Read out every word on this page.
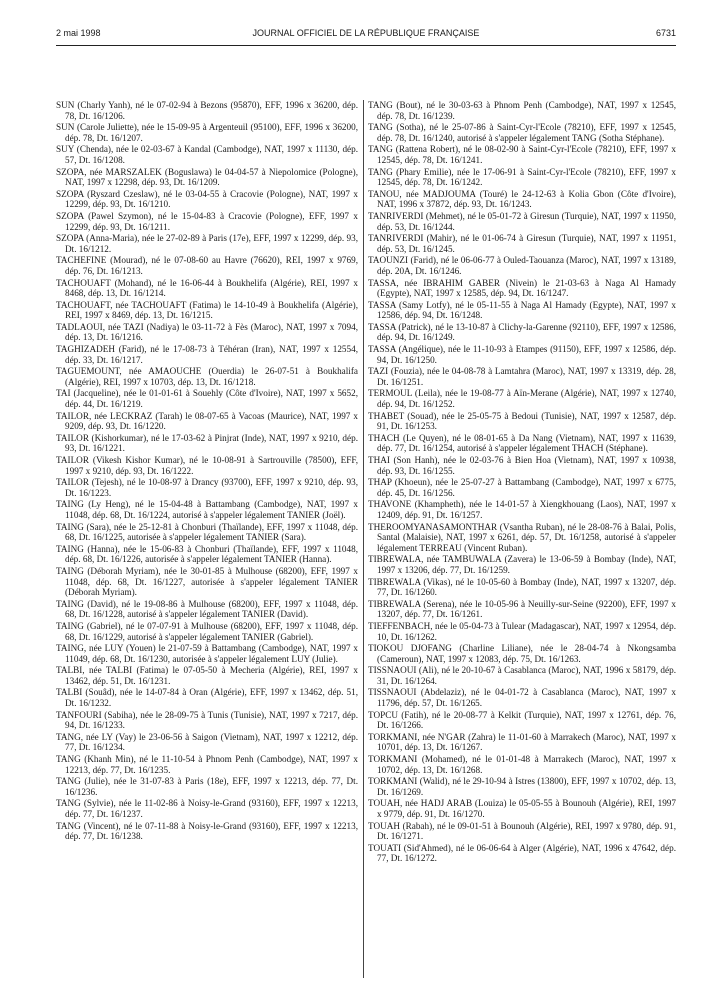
2 mai 1998	JOURNAL OFFICIEL DE LA RÉPUBLIQUE FRANÇAISE	6731

SUN (Charly Yanh), né le 07-02-94 à Bezons (95870), EFF, 1996 x 36200, dép. 78, Dt. 16/1206.

SUN (Carole Juliette), née le 15-09-95 à Argenteuil (95100), EFF, 1996 x 36200, dép. 78, Dt. 16/1207.

SUY (Chenda), née le 02-03-67 à Kandal (Cambodge), NAT, 1997 x 11130, dép. 57, Dt. 16/1208.

SZOPA, née MARSZALEK (Boguslawa) le 04-04-57 à Niepolomice (Pologne), NAT, 1997 x 12298, dép. 93, Dt. 16/1209.

SZOPA (Ryszard Czeslaw), né le 03-04-55 à Cracovie (Pologne), NAT, 1997 x 12299, dép. 93, Dt. 16/1210.

SZOPA (Pawel Szymon), né le 15-04-83 à Cracovie (Pologne), EFF, 1997 x 12299, dép. 93, Dt. 16/1211.

SZOPA (Anna-Maria), née le 27-02-89 à Paris (17e), EFF, 1997 x 12299, dép. 93, Dt. 16/1212.

TACHEFINE (Mourad), né le 07-08-60 au Havre (76620), REI, 1997 x 9769, dép. 76, Dt. 16/1213.

TACHOUAFT (Mohand), né le 16-06-44 à Boukhelifa (Algérie), REI, 1997 x 8468, dép. 13, Dt. 16/1214.

TACHOUAFT, née TACHOUAFT (Fatima) le 14-10-49 à Boukhelifa (Algérie), REI, 1997 x 8469, dép. 13, Dt. 16/1215.

TADLAOUI, née TAZI (Nadiya) le 03-11-72 à Fès (Maroc), NAT, 1997 x 7094, dép. 13, Dt. 16/1216.

TAGHIZADEH (Farid), né le 17-08-73 à Téhéran (Iran), NAT, 1997 x 12554, dép. 33, Dt. 16/1217.

TAGUEMOUNT, née AMAOUCHE (Ouerdia) le 26-07-51 à Boukhalifa (Algérie), REI, 1997 x 10703, dép. 13, Dt. 16/1218.

TAI (Jacqueline), née le 01-01-61 à Souehly (Côte d'Ivoire), NAT, 1997 x 5652, dép. 44, Dt. 16/1219.

TAILOR, née LECKRAZ (Tarah) le 08-07-65 à Vacoas (Maurice), NAT, 1997 x 9209, dép. 93, Dt. 16/1220.

TAILOR (Kishorkumar), né le 17-03-62 à Pinjrat (Inde), NAT, 1997 x 9210, dép. 93, Dt. 16/1221.

TAILOR (Vikesh Kishor Kumar), né le 10-08-91 à Sartrouville (78500), EFF, 1997 x 9210, dép. 93, Dt. 16/1222.

TAILOR (Tejesh), né le 10-08-97 à Drancy (93700), EFF, 1997 x 9210, dép. 93, Dt. 16/1223.

TAING (Ly Heng), né le 15-04-48 à Battambang (Cambodge), NAT, 1997 x 11048, dép. 68, Dt. 16/1224, autorisé à s'appeler légalement TANIER (Joël).

TAING (Sara), née le 25-12-81 à Chonburi (Thaïlande), EFF, 1997 x 11048, dép. 68, Dt. 16/1225, autorisée à s'appeler légalement TANIER (Sara).

TAING (Hanna), née le 15-06-83 à Chonburi (Thaïlande), EFF, 1997 x 11048, dép. 68, Dt. 16/1226, autorisée à s'appeler légalement TANIER (Hanna).

TAING (Déborah Myriam), née le 30-01-85 à Mulhouse (68200), EFF, 1997 x 11048, dép. 68, Dt. 16/1227, autorisée à s'appeler légalement TANIER (Déborah Myriam).

TAING (David), né le 19-08-86 à Mulhouse (68200), EFF, 1997 x 11048, dép. 68, Dt. 16/1228, autorisé à s'appeler légalement TANIER (David).

TAING (Gabriel), né le 07-07-91 à Mulhouse (68200), EFF, 1997 x 11048, dép. 68, Dt. 16/1229, autorisé à s'appeler légalement TANIER (Gabriel).

TAING, née LUY (Youen) le 21-07-59 à Battambang (Cambodge), NAT, 1997 x 11049, dép. 68, Dt. 16/1230, autorisée à s'appeler légalement LUY (Julie).

TALBI, née TALBI (Fatima) le 07-05-50 à Mecheria (Algérie), REI, 1997 x 13462, dép. 51, Dt. 16/1231.

TALBI (Souâd), née le 14-07-84 à Oran (Algérie), EFF, 1997 x 13462, dép. 51, Dt. 16/1232.

TANFOURI (Sabiha), née le 28-09-75 à Tunis (Tunisie), NAT, 1997 x 7217, dép. 94, Dt. 16/1233.

TANG, née LY (Vay) le 23-06-56 à Saigon (Vietnam), NAT, 1997 x 12212, dép. 77, Dt. 16/1234.

TANG (Khanh Min), né le 11-10-54 à Phnom Penh (Cambodge), NAT, 1997 x 12213, dép. 77, Dt. 16/1235.

TANG (Julie), née le 31-07-83 à Paris (18e), EFF, 1997 x 12213, dép. 77, Dt. 16/1236.

TANG (Sylvie), née le 11-02-86 à Noisy-le-Grand (93160), EFF, 1997 x 12213, dép. 77, Dt. 16/1237.

TANG (Vincent), né le 07-11-88 à Noisy-le-Grand (93160), EFF, 1997 x 12213, dép. 77, Dt. 16/1238.

TANG (Bout), né le 30-03-63 à Phnom Penh (Cambodge), NAT, 1997 x 12545, dép. 78, Dt. 16/1239.

TANG (Sotha), né le 25-07-86 à Saint-Cyr-l'Ecole (78210), EFF, 1997 x 12545, dép. 78, Dt. 16/1240, autorisé à s'appeler légalement TANG (Sotha Stéphane).

TANG (Rattena Robert), né le 08-02-90 à Saint-Cyr-l'Ecole (78210), EFF, 1997 x 12545, dép. 78, Dt. 16/1241.

TANG (Phary Emilie), née le 17-06-91 à Saint-Cyr-l'Ecole (78210), EFF, 1997 x 12545, dép. 78, Dt. 16/1242.

TANOU, née MADJOUMA (Touré) le 24-12-63 à Kolia Gbon (Côte d'Ivoire), NAT, 1996 x 37872, dép. 93, Dt. 16/1243.

TANRIVERDI (Mehmet), né le 05-01-72 à Giresun (Turquie), NAT, 1997 x 11950, dép. 53, Dt. 16/1244.

TANRIVERDI (Mahir), né le 01-06-74 à Giresun (Turquie), NAT, 1997 x 11951, dép. 53, Dt. 16/1245.

TAOUNZI (Farid), né le 06-06-77 à Ouled-Taouanza (Maroc), NAT, 1997 x 13189, dép. 20A, Dt. 16/1246.

TASSA, née IBRAHIM GABER (Nivein) le 21-03-63 à Naga Al Hamady (Egypte), NAT, 1997 x 12585, dép. 94, Dt. 16/1247.

TASSA (Samy Lotfy), né le 05-11-55 à Naga Al Hamady (Egypte), NAT, 1997 x 12586, dép. 94, Dt. 16/1248.

TASSA (Patrick), né le 13-10-87 à Clichy-la-Garenne (92110), EFF, 1997 x 12586, dép. 94, Dt. 16/1249.

TASSA (Angélique), née le 11-10-93 à Etampes (91150), EFF, 1997 x 12586, dép. 94, Dt. 16/1250.

TAZI (Fouzia), née le 04-08-78 à Lamtahra (Maroc), NAT, 1997 x 13319, dép. 28, Dt. 16/1251.

TERMOUL (Leila), née le 19-08-77 à Aïn-Merane (Algérie), NAT, 1997 x 12740, dép. 94, Dt. 16/1252.

THABET (Souad), née le 25-05-75 à Bedoui (Tunisie), NAT, 1997 x 12587, dép. 91, Dt. 16/1253.

THACH (Le Quyen), né le 08-01-65 à Da Nang (Vietnam), NAT, 1997 x 11639, dép. 77, Dt. 16/1254, autorisé à s'appeler légalement THACH (Stéphane).

THAI (Son Hanh), née le 02-03-76 à Bien Hoa (Vietnam), NAT, 1997 x 10938, dép. 93, Dt. 16/1255.

THAP (Khoeun), née le 25-07-27 à Battambang (Cambodge), NAT, 1997 x 6775, dép. 45, Dt. 16/1256.

THAVONE (Khampheth), née le 14-01-57 à Xiengkhouang (Laos), NAT, 1997 x 12409, dép. 91, Dt. 16/1257.

THEROOMYANASAMONTHAR (Vsantha Ruban), né le 28-08-76 à Balai, Polis, Santal (Malaisie), NAT, 1997 x 6261, dép. 57, Dt. 16/1258, autorisé à s'appeler légalement TERREAU (Vincent Ruban).

TIBREWALA, née TAMBUWALA (Zavera) le 13-06-59 à Bombay (Inde), NAT, 1997 x 13206, dép. 77, Dt. 16/1259.

TIBREWALA (Vikas), né le 10-05-60 à Bombay (Inde), NAT, 1997 x 13207, dép. 77, Dt. 16/1260.

TIBREWALA (Serena), née le 10-05-96 à Neuilly-sur-Seine (92200), EFF, 1997 x 13207, dép. 77, Dt. 16/1261.

TIEFFENBACH, née le 05-04-73 à Tulear (Madagascar), NAT, 1997 x 12954, dép. 10, Dt. 16/1262.

TIOKOU DJOFANG (Charline Liliane), née le 28-04-74 à Nkongsamba (Cameroun), NAT, 1997 x 12083, dép. 75, Dt. 16/1263.

TISSNAOUI (Ali), né le 20-10-67 à Casablanca (Maroc), NAT, 1996 x 58179, dép. 31, Dt. 16/1264.

TISSNAOUI (Abdelaziz), né le 04-01-72 à Casablanca (Maroc), NAT, 1997 x 11796, dép. 57, Dt. 16/1265.

TOPCU (Fatih), né le 20-08-77 à Kelkit (Turquie), NAT, 1997 x 12761, dép. 76, Dt. 16/1266.

TORKMANI, née N'GAR (Zahra) le 11-01-60 à Marrakech (Maroc), NAT, 1997 x 10701, dép. 13, Dt. 16/1267.

TORKMANI (Mohamed), né le 01-01-48 à Marrakech (Maroc), NAT, 1997 x 10702, dép. 13, Dt. 16/1268.

TORKMANI (Walid), né le 29-10-94 à Istres (13800), EFF, 1997 x 10702, dép. 13, Dt. 16/1269.

TOUAH, née HADJ ARAB (Louiza) le 05-05-55 à Bounouh (Algérie), REI, 1997 x 9779, dép. 91, Dt. 16/1270.

TOUAH (Rabah), né le 09-01-51 à Bounouh (Algérie), REI, 1997 x 9780, dép. 91, Dt. 16/1271.

TOUATI (Sid'Ahmed), né le 06-06-64 à Alger (Algérie), NAT, 1996 x 47642, dép. 77, Dt. 16/1272.
